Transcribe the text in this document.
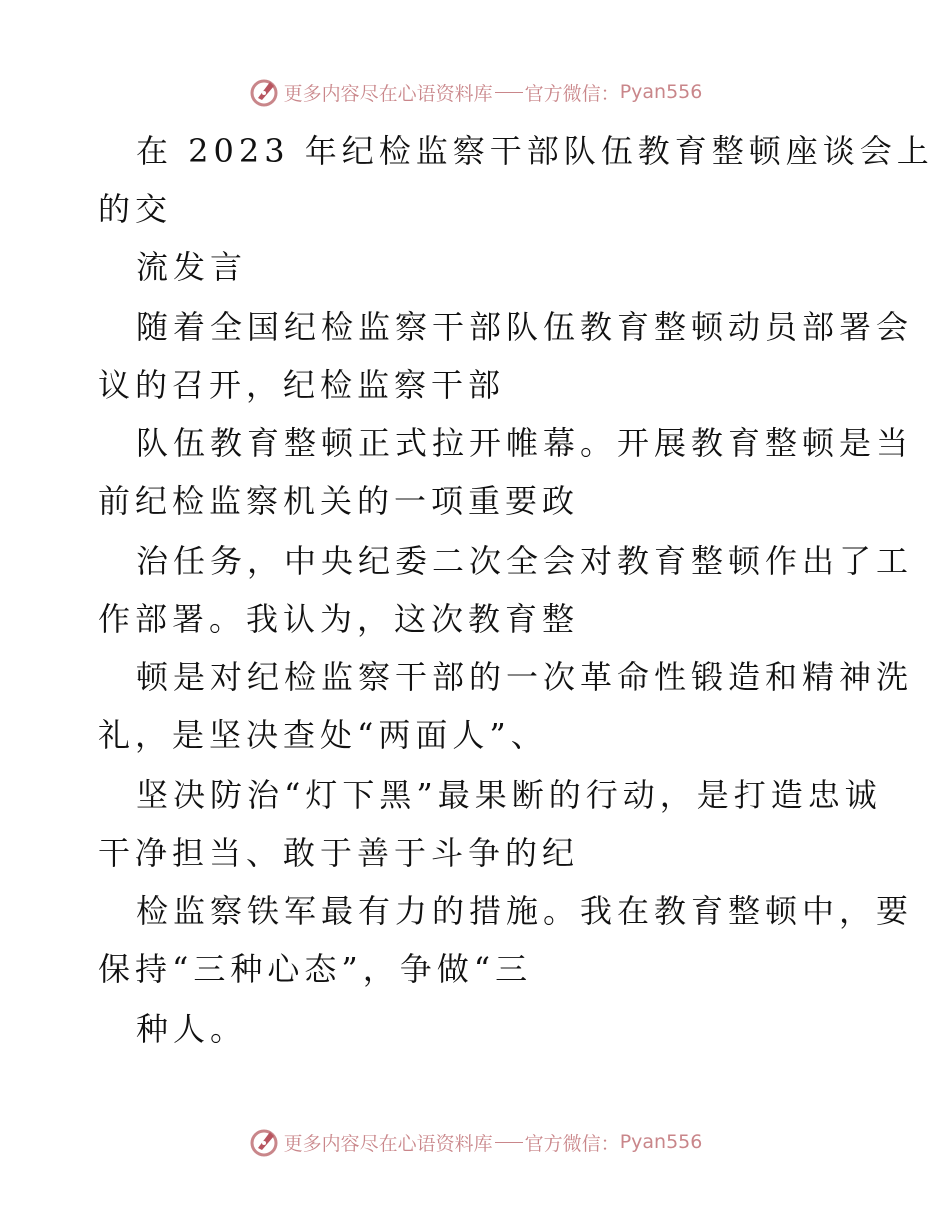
更多内容尽在心语资料库 官方微信： Pyan556
在 2023 年纪检监察干部队伍教育整顿座谈会上
的交
流发言
随着全国纪检监察干部队伍教育整顿动员部署会
议的召开，纪检监察干部
队伍教育整顿正式拉开帷幕。开展教育整顿是当
前纪检监察机关的一项重要政
治任务，中央纪委二次全会对教育整顿作出了工
作部署。我认为，这次教育整
顿是对纪检监察干部的一次革命性锻造和精神洗
礼，是坚决查处“两面人”、
坚决防治“灯下黑”最果断的行动，是打造忠诚
干净担当、敢于善于斗争的纪
检监察铁军最有力的措施。我在教育整顿中，要
保持“三种心态”，争做“三
种人。
更多内容尽在心语资料库 官方微信： Pyan556
